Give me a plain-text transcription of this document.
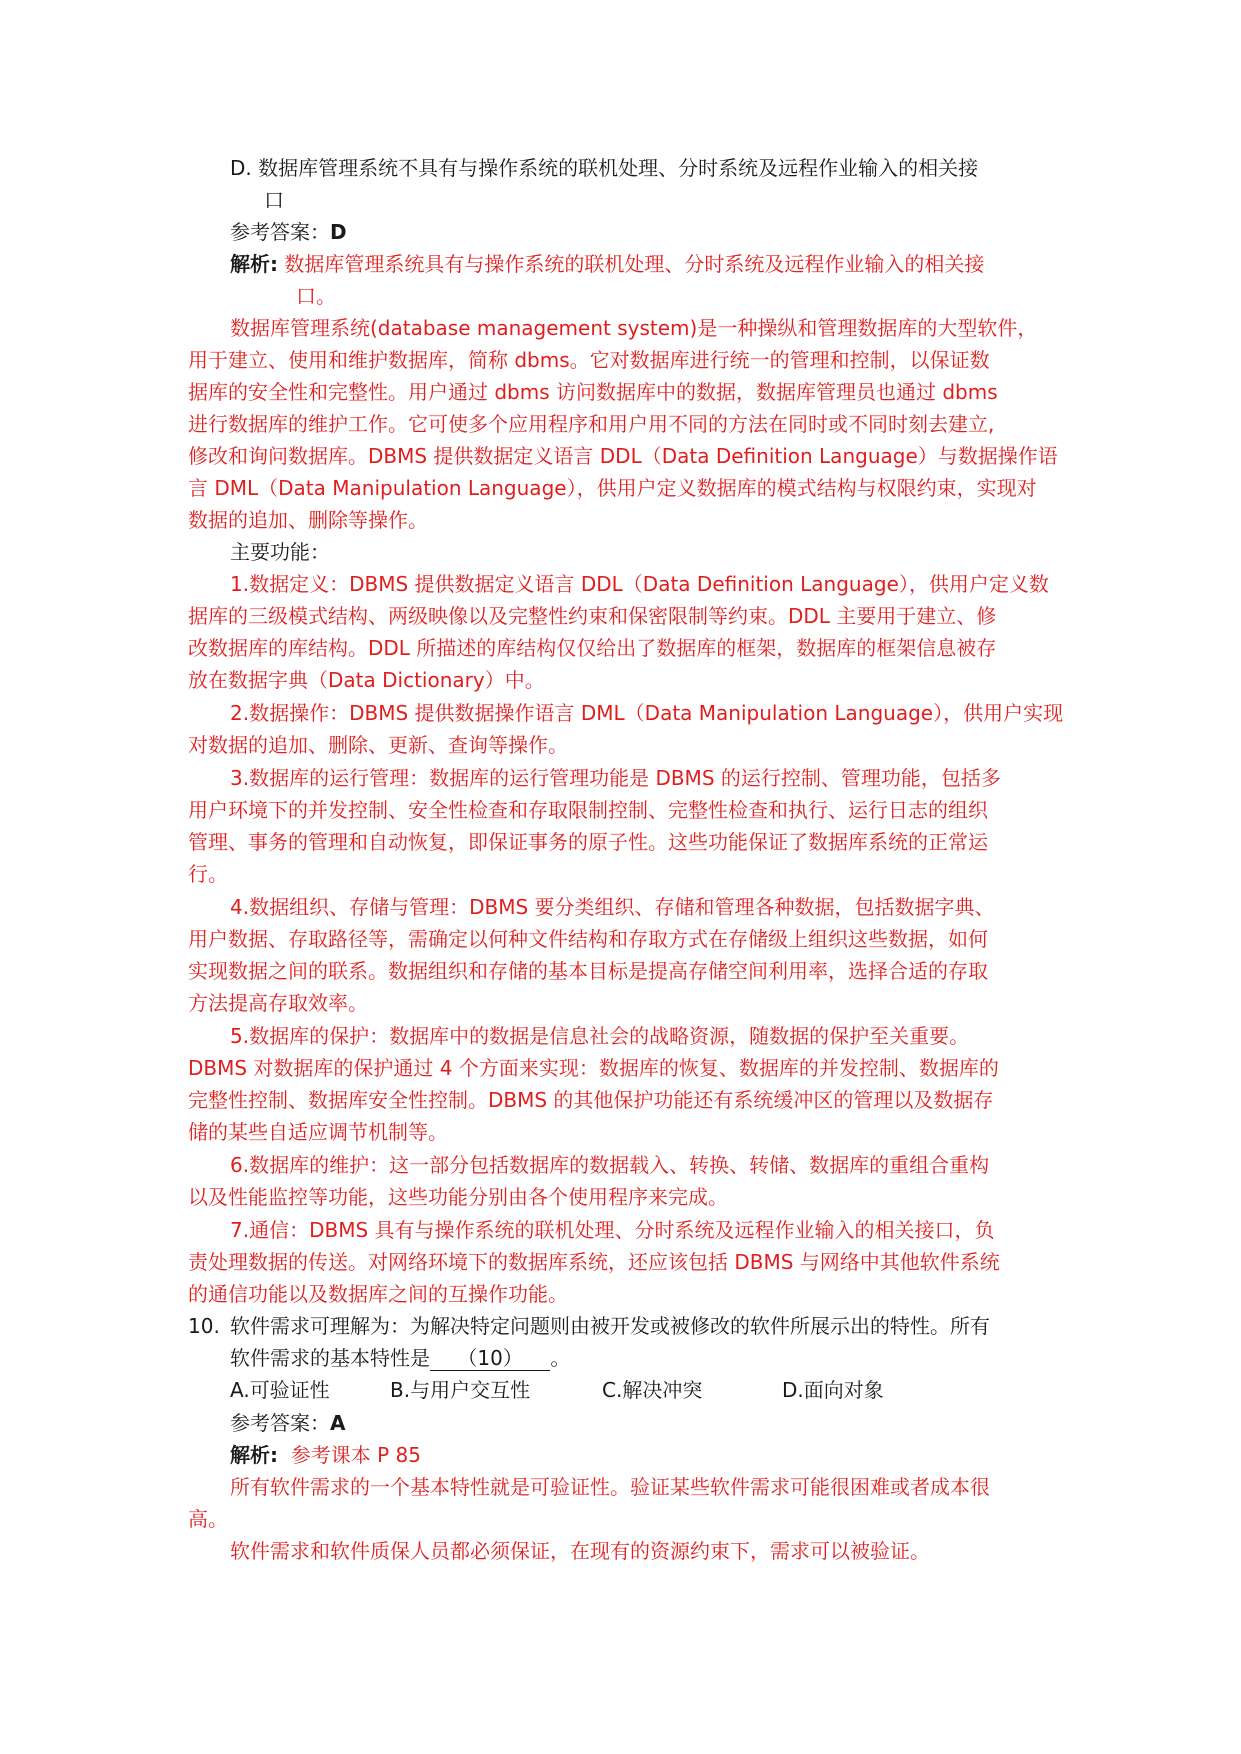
D. 数据库管理系统不具有与操作系统的联机处理、分时系统及远程作业输入的相关接
口
参考答案：D
解析: 数据库管理系统具有与操作系统的联机处理、分时系统及远程作业输入的相关接
口。
数据库管理系统(database management system)是一种操纵和管理数据库的大型软件，
用于建立、使用和维护数据库，简称 dbms。它对数据库进行统一的管理和控制，以保证数
据库的安全性和完整性。用户通过 dbms 访问数据库中的数据，数据库管理员也通过 dbms
进行数据库的维护工作。它可使多个应用程序和用户用不同的方法在同时或不同时刻去建立,
修改和询问数据库。DBMS 提供数据定义语言 DDL（Data Definition Language）与数据操作语
言 DML（Data Manipulation Language），供用户定义数据库的模式结构与权限约束，实现对
数据的追加、删除等操作。
主要功能：
1.数据定义：DBMS 提供数据定义语言 DDL（Data Definition Language），供用户定义数
据库的三级模式结构、两级映像以及完整性约束和保密限制等约束。DDL 主要用于建立、修
改数据库的库结构。DDL 所描述的库结构仅仅给出了数据库的框架，数据库的框架信息被存
放在数据字典（Data Dictionary）中。
2.数据操作：DBMS 提供数据操作语言 DML（Data Manipulation Language），供用户实现
对数据的追加、删除、更新、查询等操作。
3.数据库的运行管理：数据库的运行管理功能是 DBMS 的运行控制、管理功能，包括多
用户环境下的并发控制、安全性检查和存取限制控制、完整性检查和执行、运行日志的组织
管理、事务的管理和自动恢复，即保证事务的原子性。这些功能保证了数据库系统的正常运
行。
4.数据组织、存储与管理：DBMS 要分类组织、存储和管理各种数据，包括数据字典、
用户数据、存取路径等，需确定以何种文件结构和存取方式在存储级上组织这些数据，如何
实现数据之间的联系。数据组织和存储的基本目标是提高存储空间利用率，选择合适的存取
方法提高存取效率。
5.数据库的保护：数据库中的数据是信息社会的战略资源，随数据的保护至关重要。
DBMS 对数据库的保护通过 4 个方面来实现：数据库的恢复、数据库的并发控制、数据库的
完整性控制、数据库安全性控制。DBMS 的其他保护功能还有系统缓冲区的管理以及数据存
储的某些自适应调节机制等。
6.数据库的维护：这一部分包括数据库的数据载入、转换、转储、数据库的重组合重构
以及性能监控等功能，这些功能分别由各个使用程序来完成。
7.通信：DBMS 具有与操作系统的联机处理、分时系统及远程作业输入的相关接口，负
责处理数据的传送。对网络环境下的数据库系统，还应该包括 DBMS 与网络中其他软件系统
的通信功能以及数据库之间的互操作功能。
10. 软件需求可理解为：为解决特定问题则由被开发或被修改的软件所展示出的特性。所有
软件需求的基本特性是    （10）    。
A.可验证性	B.与用户交互性	C.解决冲突	D.面向对象
参考答案：A
解析:  参考课本 P 85
所有软件需求的一个基本特性就是可验证性。验证某些软件需求可能很困难或者成本很
高。
软件需求和软件质保人员都必须保证，在现有的资源约束下，需求可以被验证。
